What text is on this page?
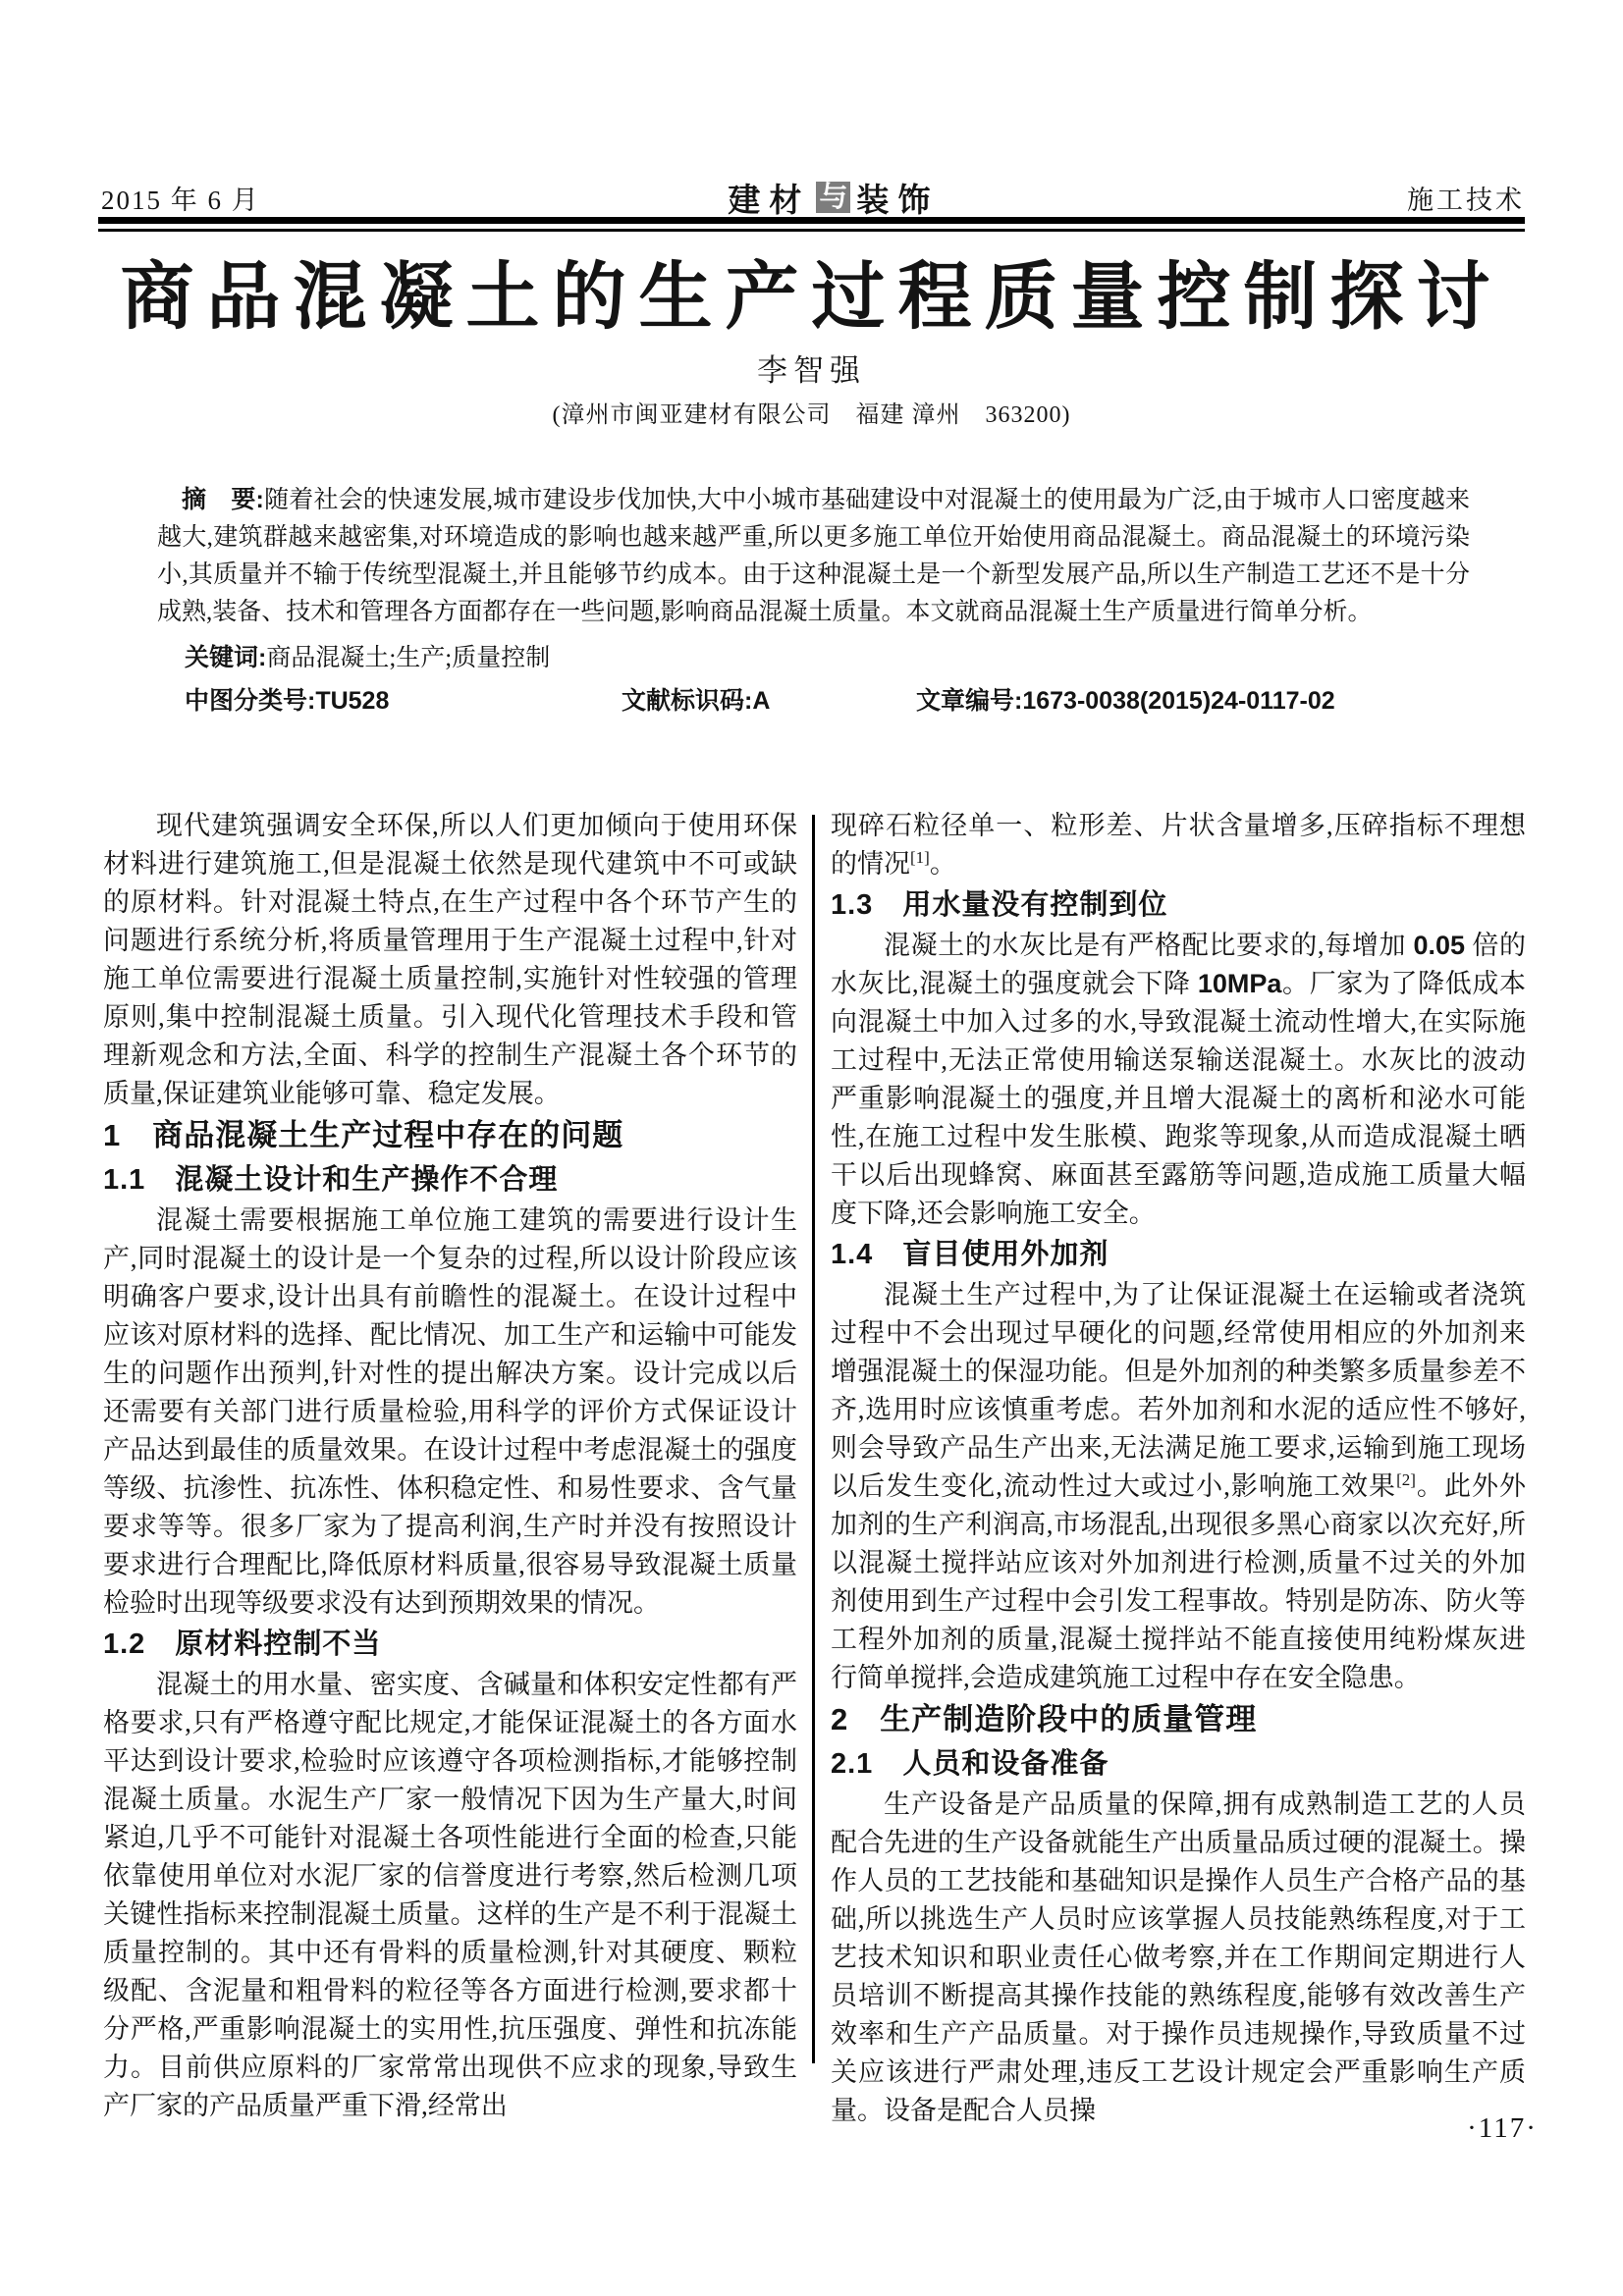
2015 年 6 月	建材 与 装饰	施工技术
商品混凝土的生产过程质量控制探讨
李智强
(漳州市闽亚建材有限公司　福建 漳州　363200)

摘　要:随着社会的快速发展,城市建设步伐加快,大中小城市基础建设中对混凝土的使用最为广泛,由于城市人口密度越来越大,建筑群越来越密集,对环境造成的影响也越来越严重,所以更多施工单位开始使用商品混凝土。商品混凝土的环境污染小,其质量并不输于传统型混凝土,并且能够节约成本。由于这种混凝土是一个新型发展产品,所以生产制造工艺还不是十分成熟,装备、技术和管理各方面都存在一些问题,影响商品混凝土质量。本文就商品混凝土生产质量进行简单分析。

关键词:商品混凝土;生产;质量控制

中图分类号:TU528	文献标识码:A	文章编号:1673-0038(2015)24-0117-02

现代建筑强调安全环保,所以人们更加倾向于使用环保材料进行建筑施工,但是混凝土依然是现代建筑中不可或缺的原材料。针对混凝土特点,在生产过程中各个环节产生的问题进行系统分析,将质量管理用于生产混凝土过程中,针对施工单位需要进行混凝土质量控制,实施针对性较强的管理原则,集中控制混凝土质量。引入现代化管理技术手段和管理新观念和方法,全面、科学的控制生产混凝土各个环节的质量,保证建筑业能够可靠、稳定发展。

1　商品混凝土生产过程中存在的问题

1.1　混凝土设计和生产操作不合理

混凝土需要根据施工单位施工建筑的需要进行设计生产,同时混凝土的设计是一个复杂的过程,所以设计阶段应该明确客户要求,设计出具有前瞻性的混凝土。在设计过程中应该对原材料的选择、配比情况、加工生产和运输中可能发生的问题作出预判,针对性的提出解决方案。设计完成以后还需要有关部门进行质量检验,用科学的评价方式保证设计产品达到最佳的质量效果。在设计过程中考虑混凝土的强度等级、抗渗性、抗冻性、体积稳定性、和易性要求、含气量要求等等。很多厂家为了提高利润,生产时并没有按照设计要求进行合理配比,降低原材料质量,很容易导致混凝土质量检验时出现等级要求没有达到预期效果的情况。

1.2　原材料控制不当

混凝土的用水量、密实度、含碱量和体积安定性都有严格要求,只有严格遵守配比规定,才能保证混凝土的各方面水平达到设计要求,检验时应该遵守各项检测指标,才能够控制混凝土质量。水泥生产厂家一般情况下因为生产量大,时间紧迫,几乎不可能针对混凝土各项性能进行全面的检查,只能依靠使用单位对水泥厂家的信誉度进行考察,然后检测几项关键性指标来控制混凝土质量。这样的生产是不利于混凝土质量控制的。其中还有骨料的质量检测,针对其硬度、颗粒级配、含泥量和粗骨料的粒径等各方面进行检测,要求都十分严格,严重影响混凝土的实用性,抗压强度、弹性和抗冻能力。目前供应原料的厂家常常出现供不应求的现象,导致生产厂家的产品质量严重下滑,经常出

现碎石粒径单一、粒形差、片状含量增多,压碎指标不理想的情况[1]。

1.3　用水量没有控制到位

混凝土的水灰比是有严格配比要求的,每增加 0.05 倍的水灰比,混凝土的强度就会下降 10MPa。厂家为了降低成本向混凝土中加入过多的水,导致混凝土流动性增大,在实际施工过程中,无法正常使用输送泵输送混凝土。水灰比的波动严重影响混凝土的强度,并且增大混凝土的离析和泌水可能性,在施工过程中发生胀模、跑浆等现象,从而造成混凝土晒干以后出现蜂窝、麻面甚至露筋等问题,造成施工质量大幅度下降,还会影响施工安全。

1.4　盲目使用外加剂

混凝土生产过程中,为了让保证混凝土在运输或者浇筑过程中不会出现过早硬化的问题,经常使用相应的外加剂来增强混凝土的保湿功能。但是外加剂的种类繁多质量参差不齐,选用时应该慎重考虑。若外加剂和水泥的适应性不够好,则会导致产品生产出来,无法满足施工要求,运输到施工现场以后发生变化,流动性过大或过小,影响施工效果[2]。此外外加剂的生产利润高,市场混乱,出现很多黑心商家以次充好,所以混凝土搅拌站应该对外加剂进行检测,质量不过关的外加剂使用到生产过程中会引发工程事故。特别是防冻、防火等工程外加剂的质量,混凝土搅拌站不能直接使用纯粉煤灰进行简单搅拌,会造成建筑施工过程中存在安全隐患。

2　生产制造阶段中的质量管理

2.1　人员和设备准备

生产设备是产品质量的保障,拥有成熟制造工艺的人员配合先进的生产设备就能生产出质量品质过硬的混凝土。操作人员的工艺技能和基础知识是操作人员生产合格产品的基础,所以挑选生产人员时应该掌握人员技能熟练程度,对于工艺技术知识和职业责任心做考察,并在工作期间定期进行人员培训不断提高其操作技能的熟练程度,能够有效改善生产效率和生产产品质量。对于操作员违规操作,导致质量不过关应该进行严肃处理,违反工艺设计规定会严重影响生产质量。设备是配合人员操

·117·
